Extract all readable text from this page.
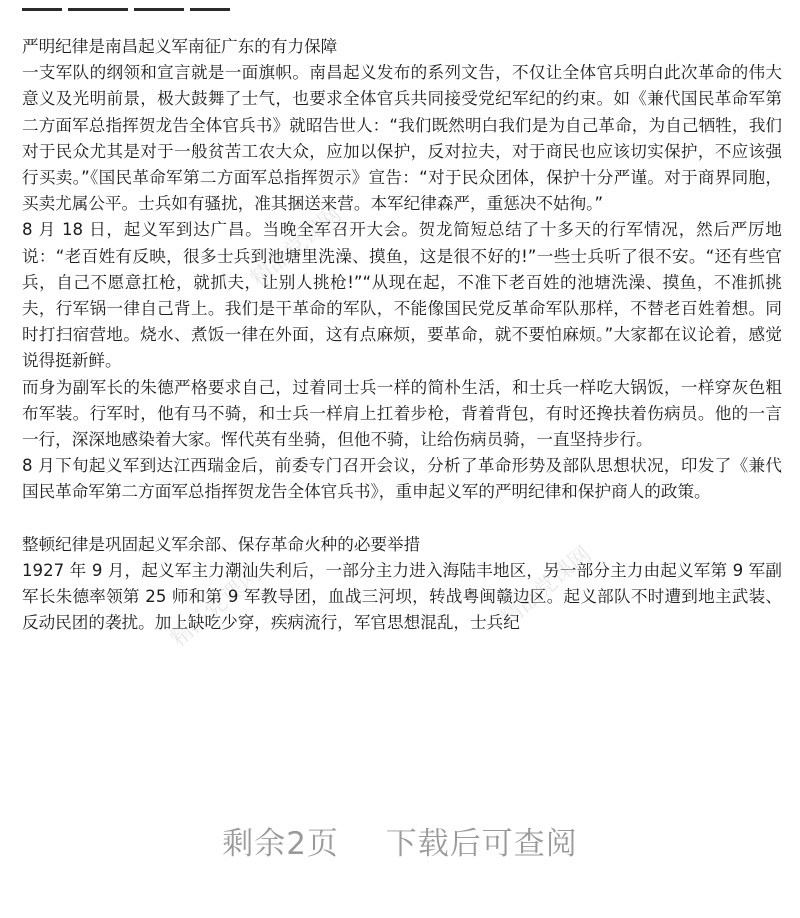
精品党课网
精品党课网	精品党课网
严明纪律是南昌起义军南征广东的有力保障

一支军队的纲领和宣言就是一面旗帜。南昌起义发布的系列文告，不仅让全体官兵明白此次革命的伟大意义及光明前景，极大鼓舞了士气，也要求全体官兵共同接受党纪军纪的约束。如《兼代国民革命军第二方面军总指挥贺龙告全体官兵书》就昭告世人：“我们既然明白我们是为自己革命，为自己牺牲，我们对于民众尤其是对于一般贫苦工农大众，应加以保护，反对拉夫，对于商民也应该切实保护，不应该强行买卖。”《国民革命军第二方面军总指挥贺示》宣告：“对于民众团体，保护十分严谨。对于商界同胞，买卖尤属公平。士兵如有骚扰，准其捆送来营。本军纪律森严，重惩决不姑徇。”

8 月 18 日，起义军到达广昌。当晚全军召开大会。贺龙简短总结了十多天的行军情况，然后严厉地说：“老百姓有反映，很多士兵到池塘里洗澡、摸鱼，这是很不好的!”一些士兵听了很不安。“还有些官兵，自己不愿意扛枪，就抓夫，让别人挑枪!”“从现在起，不准下老百姓的池塘洗澡、摸鱼，不准抓挑夫，行军锅一律自己背上。我们是干革命的军队，不能像国民党反革命军队那样，不替老百姓着想。同时打扫宿营地。烧水、煮饭一律在外面，这有点麻烦，要革命，就不要怕麻烦。”大家都在议论着，感觉说得挺新鲜。

而身为副军长的朱德严格要求自己，过着同士兵一样的简朴生活，和士兵一样吃大锅饭，一样穿灰色粗布军装。行军时，他有马不骑，和士兵一样肩上扛着步枪，背着背包，有时还搀扶着伤病员。他的一言一行，深深地感染着大家。恽代英有坐骑，但他不骑，让给伤病员骑，一直坚持步行。

8 月下旬起义军到达江西瑞金后，前委专门召开会议，分析了革命形势及部队思想状况，印发了《兼代国民革命军第二方面军总指挥贺龙告全体官兵书》，重申起义军的严明纪律和保护商人的政策。

整顿纪律是巩固起义军余部、保存革命火种的必要举措

1927 年 9 月，起义军主力潮汕失利后，一部分主力进入海陆丰地区，另一部分主力由起义军第 9 军副军长朱德率领第 25 师和第 9 军教导团，血战三河坝，转战粤闽赣边区。起义部队不时遭到地主武装、反动民团的袭扰。加上缺吃少穿，疾病流行，军官思想混乱，士兵纪

剩余2页 下载后可查阅
